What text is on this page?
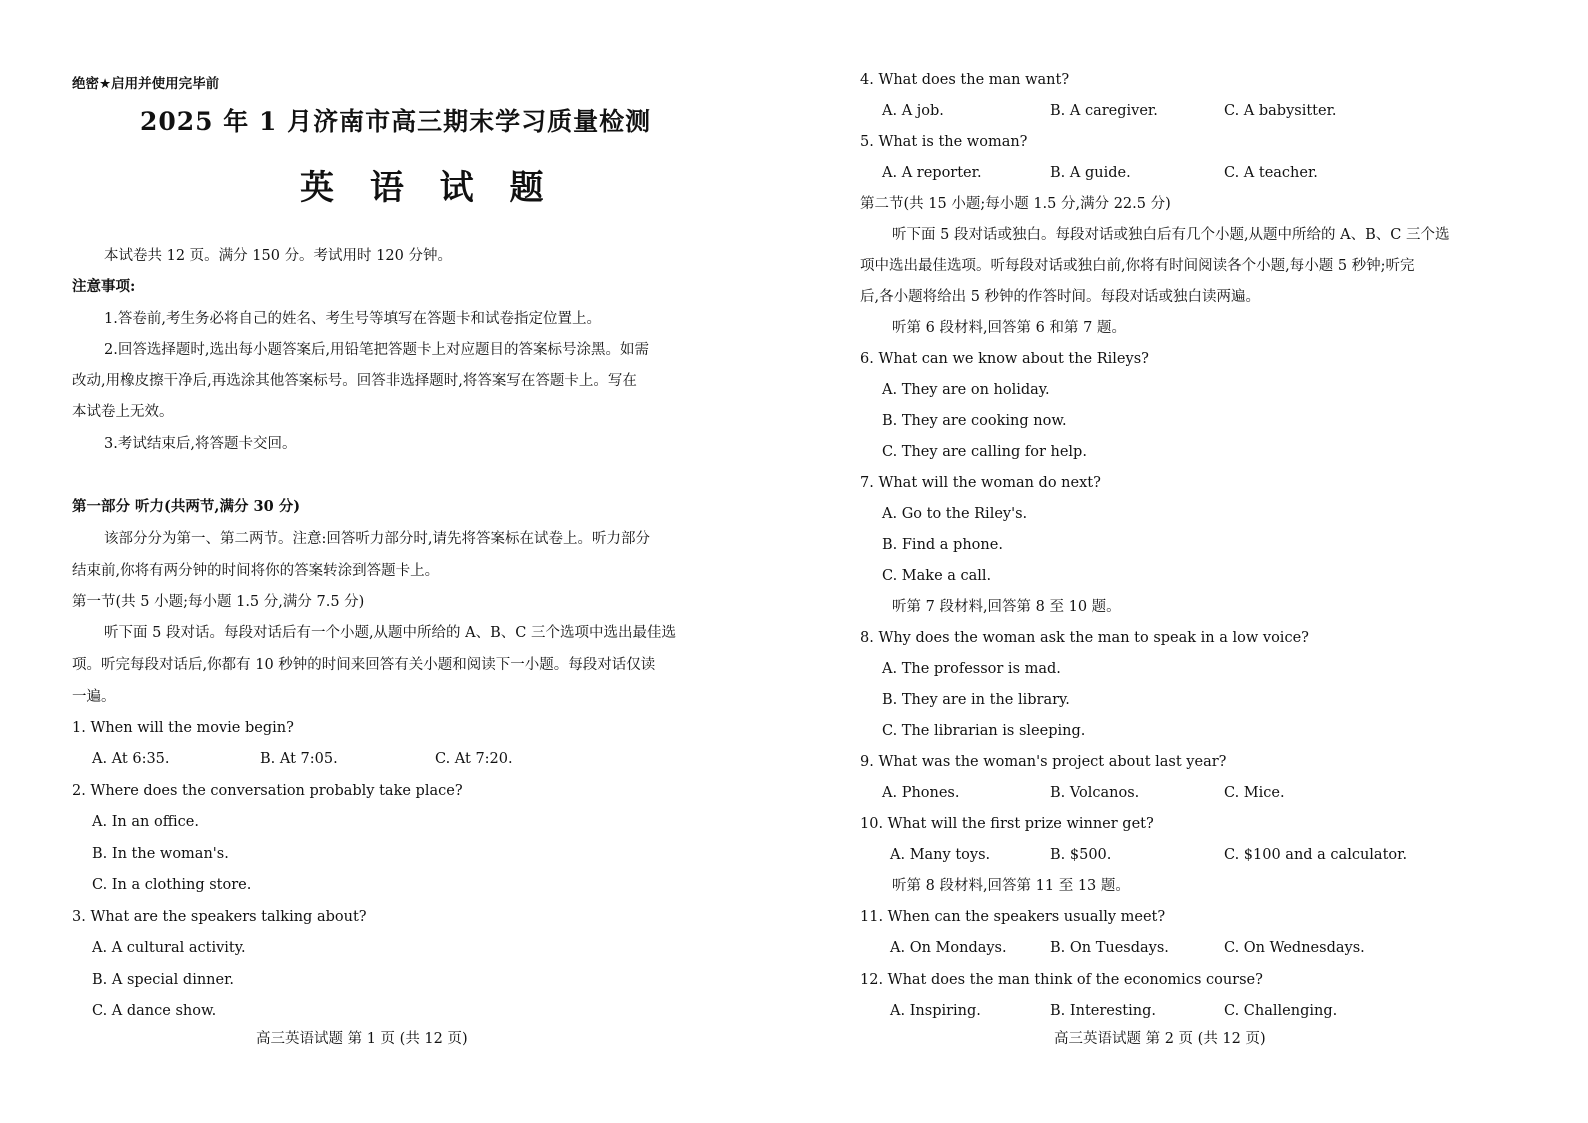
绝密★启用并使用完毕前
2025 年 1 月济南市高三期末学习质量检测
英 语 试 题
本试卷共 12 页。满分 150 分。考试用时 120 分钟。
注意事项:
1.答卷前,考生务必将自己的姓名、考生号等填写在答题卡和试卷指定位置上。
2.回答选择题时,选出每小题答案后,用铅笔把答题卡上对应题目的答案标号涂黑。如需
改动,用橡皮擦干净后,再选涂其他答案标号。回答非选择题时,将答案写在答题卡上。写在
本试卷上无效。
3.考试结束后,将答题卡交回。
第一部分 听力(共两节,满分 30 分)
该部分分为第一、第二两节。注意:回答听力部分时,请先将答案标在试卷上。听力部分
结束前,你将有两分钟的时间将你的答案转涂到答题卡上。
第一节(共 5 小题;每小题 1.5 分,满分 7.5 分)
听下面 5 段对话。每段对话后有一个小题,从题中所给的 A、B、C 三个选项中选出最佳选
项。听完每段对话后,你都有 10 秒钟的时间来回答有关小题和阅读下一小题。每段对话仅读
一遍。
1. When will the movie begin?
A. At 6:35.	B. At 7:05.	C. At 7:20.
2. Where does the conversation probably take place?
A. In an office.
B. In the woman's.
C. In a clothing store.
3. What are the speakers talking about?
A. A cultural activity.
B. A special dinner.
C. A dance show.
高三英语试题 第 1 页 (共 12 页)
4. What does the man want?
A. A job.	B. A caregiver.	C. A babysitter.
5. What is the woman?
A. A reporter.	B. A guide.	C. A teacher.
第二节(共 15 小题;每小题 1.5 分,满分 22.5 分)
听下面 5 段对话或独白。每段对话或独白后有几个小题,从题中所给的 A、B、C 三个选
项中选出最佳选项。听每段对话或独白前,你将有时间阅读各个小题,每小题 5 秒钟;听完
后,各小题将给出 5 秒钟的作答时间。每段对话或独白读两遍。
听第 6 段材料,回答第 6 和第 7 题。
6. What can we know about the Rileys?
A. They are on holiday.
B. They are cooking now.
C. They are calling for help.
7. What will the woman do next?
A. Go to the Riley's.
B. Find a phone.
C. Make a call.
听第 7 段材料,回答第 8 至 10 题。
8. Why does the woman ask the man to speak in a low voice?
A. The professor is mad.
B. They are in the library.
C. The librarian is sleeping.
9. What was the woman's project about last year?
A. Phones.	B. Volcanos.	C. Mice.
10. What will the first prize winner get?
A. Many toys.	B. $500.	C. $100 and a calculator.
听第 8 段材料,回答第 11 至 13 题。
11. When can the speakers usually meet?
A. On Mondays.	B. On Tuesdays.	C. On Wednesdays.
12. What does the man think of the economics course?
A. Inspiring.	B. Interesting.	C. Challenging.
高三英语试题 第 2 页 (共 12 页)
